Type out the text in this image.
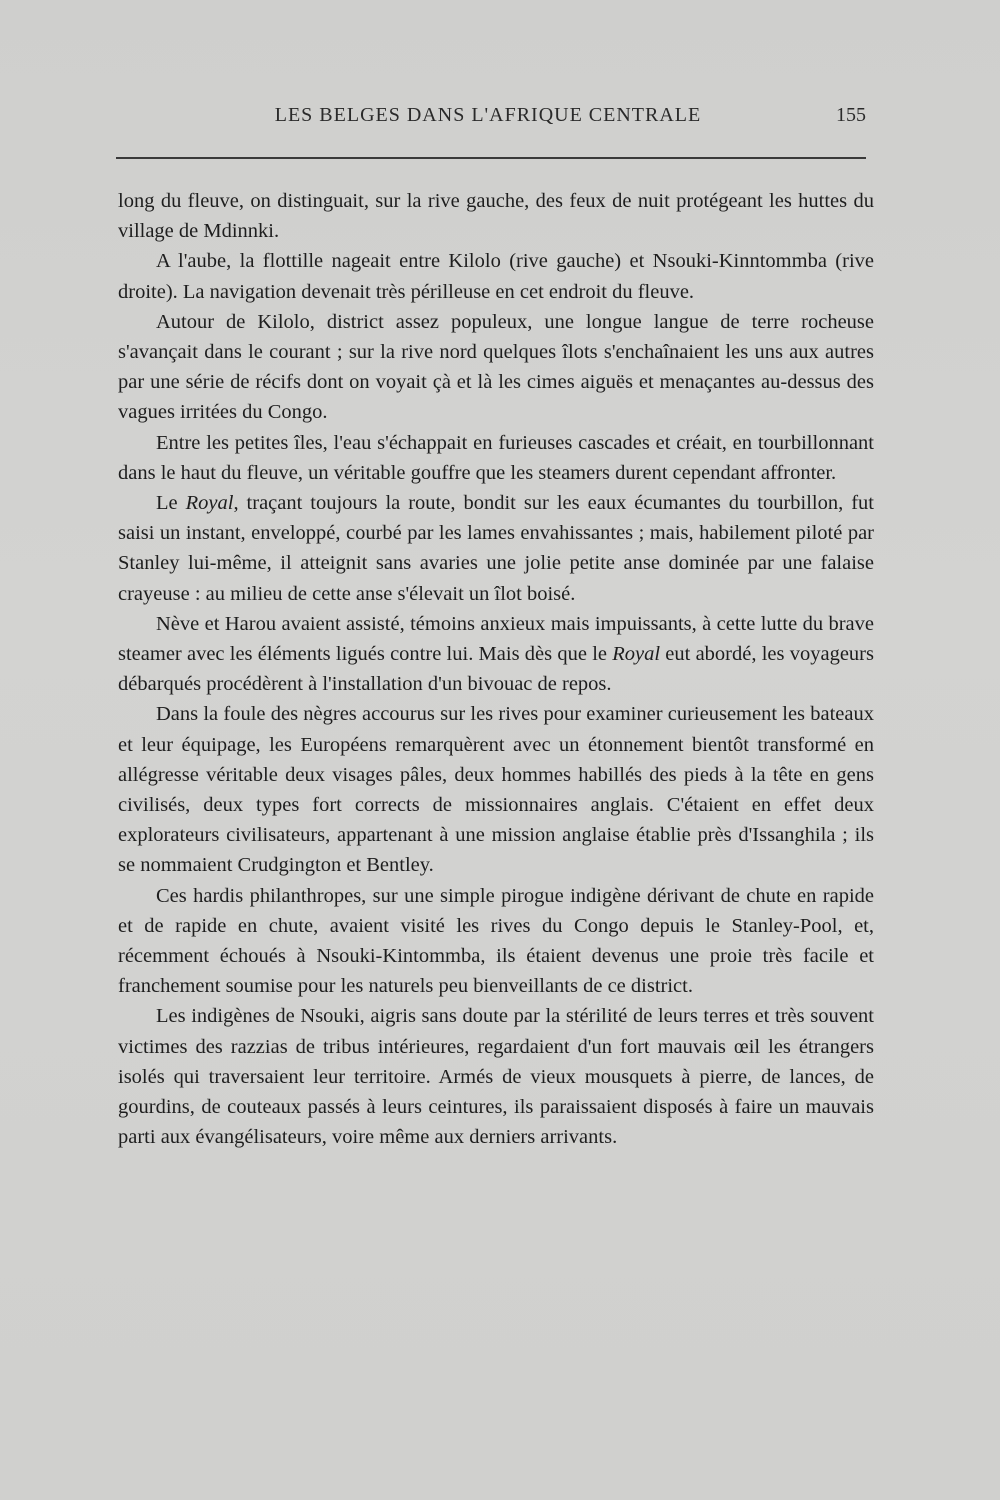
LES BELGES DANS L'AFRIQUE CENTRALE	155

long du fleuve, on distinguait, sur la rive gauche, des feux de nuit protégeant les huttes du village de Mdinnki.

A l'aube, la flottille nageait entre Kilolo (rive gauche) et Nsouki-Kinntommba (rive droite). La navigation devenait très périlleuse en cet endroit du fleuve.

Autour de Kilolo, district assez populeux, une longue langue de terre rocheuse s'avançait dans le courant ; sur la rive nord quelques îlots s'enchaînaient les uns aux autres par une série de récifs dont on voyait çà et là les cimes aiguës et menaçantes au-dessus des vagues irritées du Congo.

Entre les petites îles, l'eau s'échappait en furieuses cascades et créait, en tourbillonnant dans le haut du fleuve, un véritable gouffre que les steamers durent cependant affronter.

Le Royal, traçant toujours la route, bondit sur les eaux écumantes du tourbillon, fut saisi un instant, enveloppé, courbé par les lames envahissantes ; mais, habilement piloté par Stanley lui-même, il atteignit sans avaries une jolie petite anse dominée par une falaise crayeuse : au milieu de cette anse s'élevait un îlot boisé.

Nève et Harou avaient assisté, témoins anxieux mais impuissants, à cette lutte du brave steamer avec les éléments ligués contre lui. Mais dès que le Royal eut abordé, les voyageurs débarqués procédèrent à l'installation d'un bivouac de repos.

Dans la foule des nègres accourus sur les rives pour examiner curieusement les bateaux et leur équipage, les Européens remarquèrent avec un étonnement bientôt transformé en allégresse véritable deux visages pâles, deux hommes habillés des pieds à la tête en gens civilisés, deux types fort corrects de missionnaires anglais. C'étaient en effet deux explorateurs civilisateurs, appartenant à une mission anglaise établie près d'Issanghila ; ils se nommaient Crudgington et Bentley.

Ces hardis philanthropes, sur une simple pirogue indigène dérivant de chute en rapide et de rapide en chute, avaient visité les rives du Congo depuis le Stanley-Pool, et, récemment échoués à Nsouki-Kintommba, ils étaient devenus une proie très facile et franchement soumise pour les naturels peu bienveillants de ce district.

Les indigènes de Nsouki, aigris sans doute par la stérilité de leurs terres et très souvent victimes des razzias de tribus intérieures, regardaient d'un fort mauvais œil les étrangers isolés qui traversaient leur territoire. Armés de vieux mousquets à pierre, de lances, de gourdins, de couteaux passés à leurs ceintures, ils paraissaient disposés à faire un mauvais parti aux évangélisateurs, voire même aux derniers arrivants.
